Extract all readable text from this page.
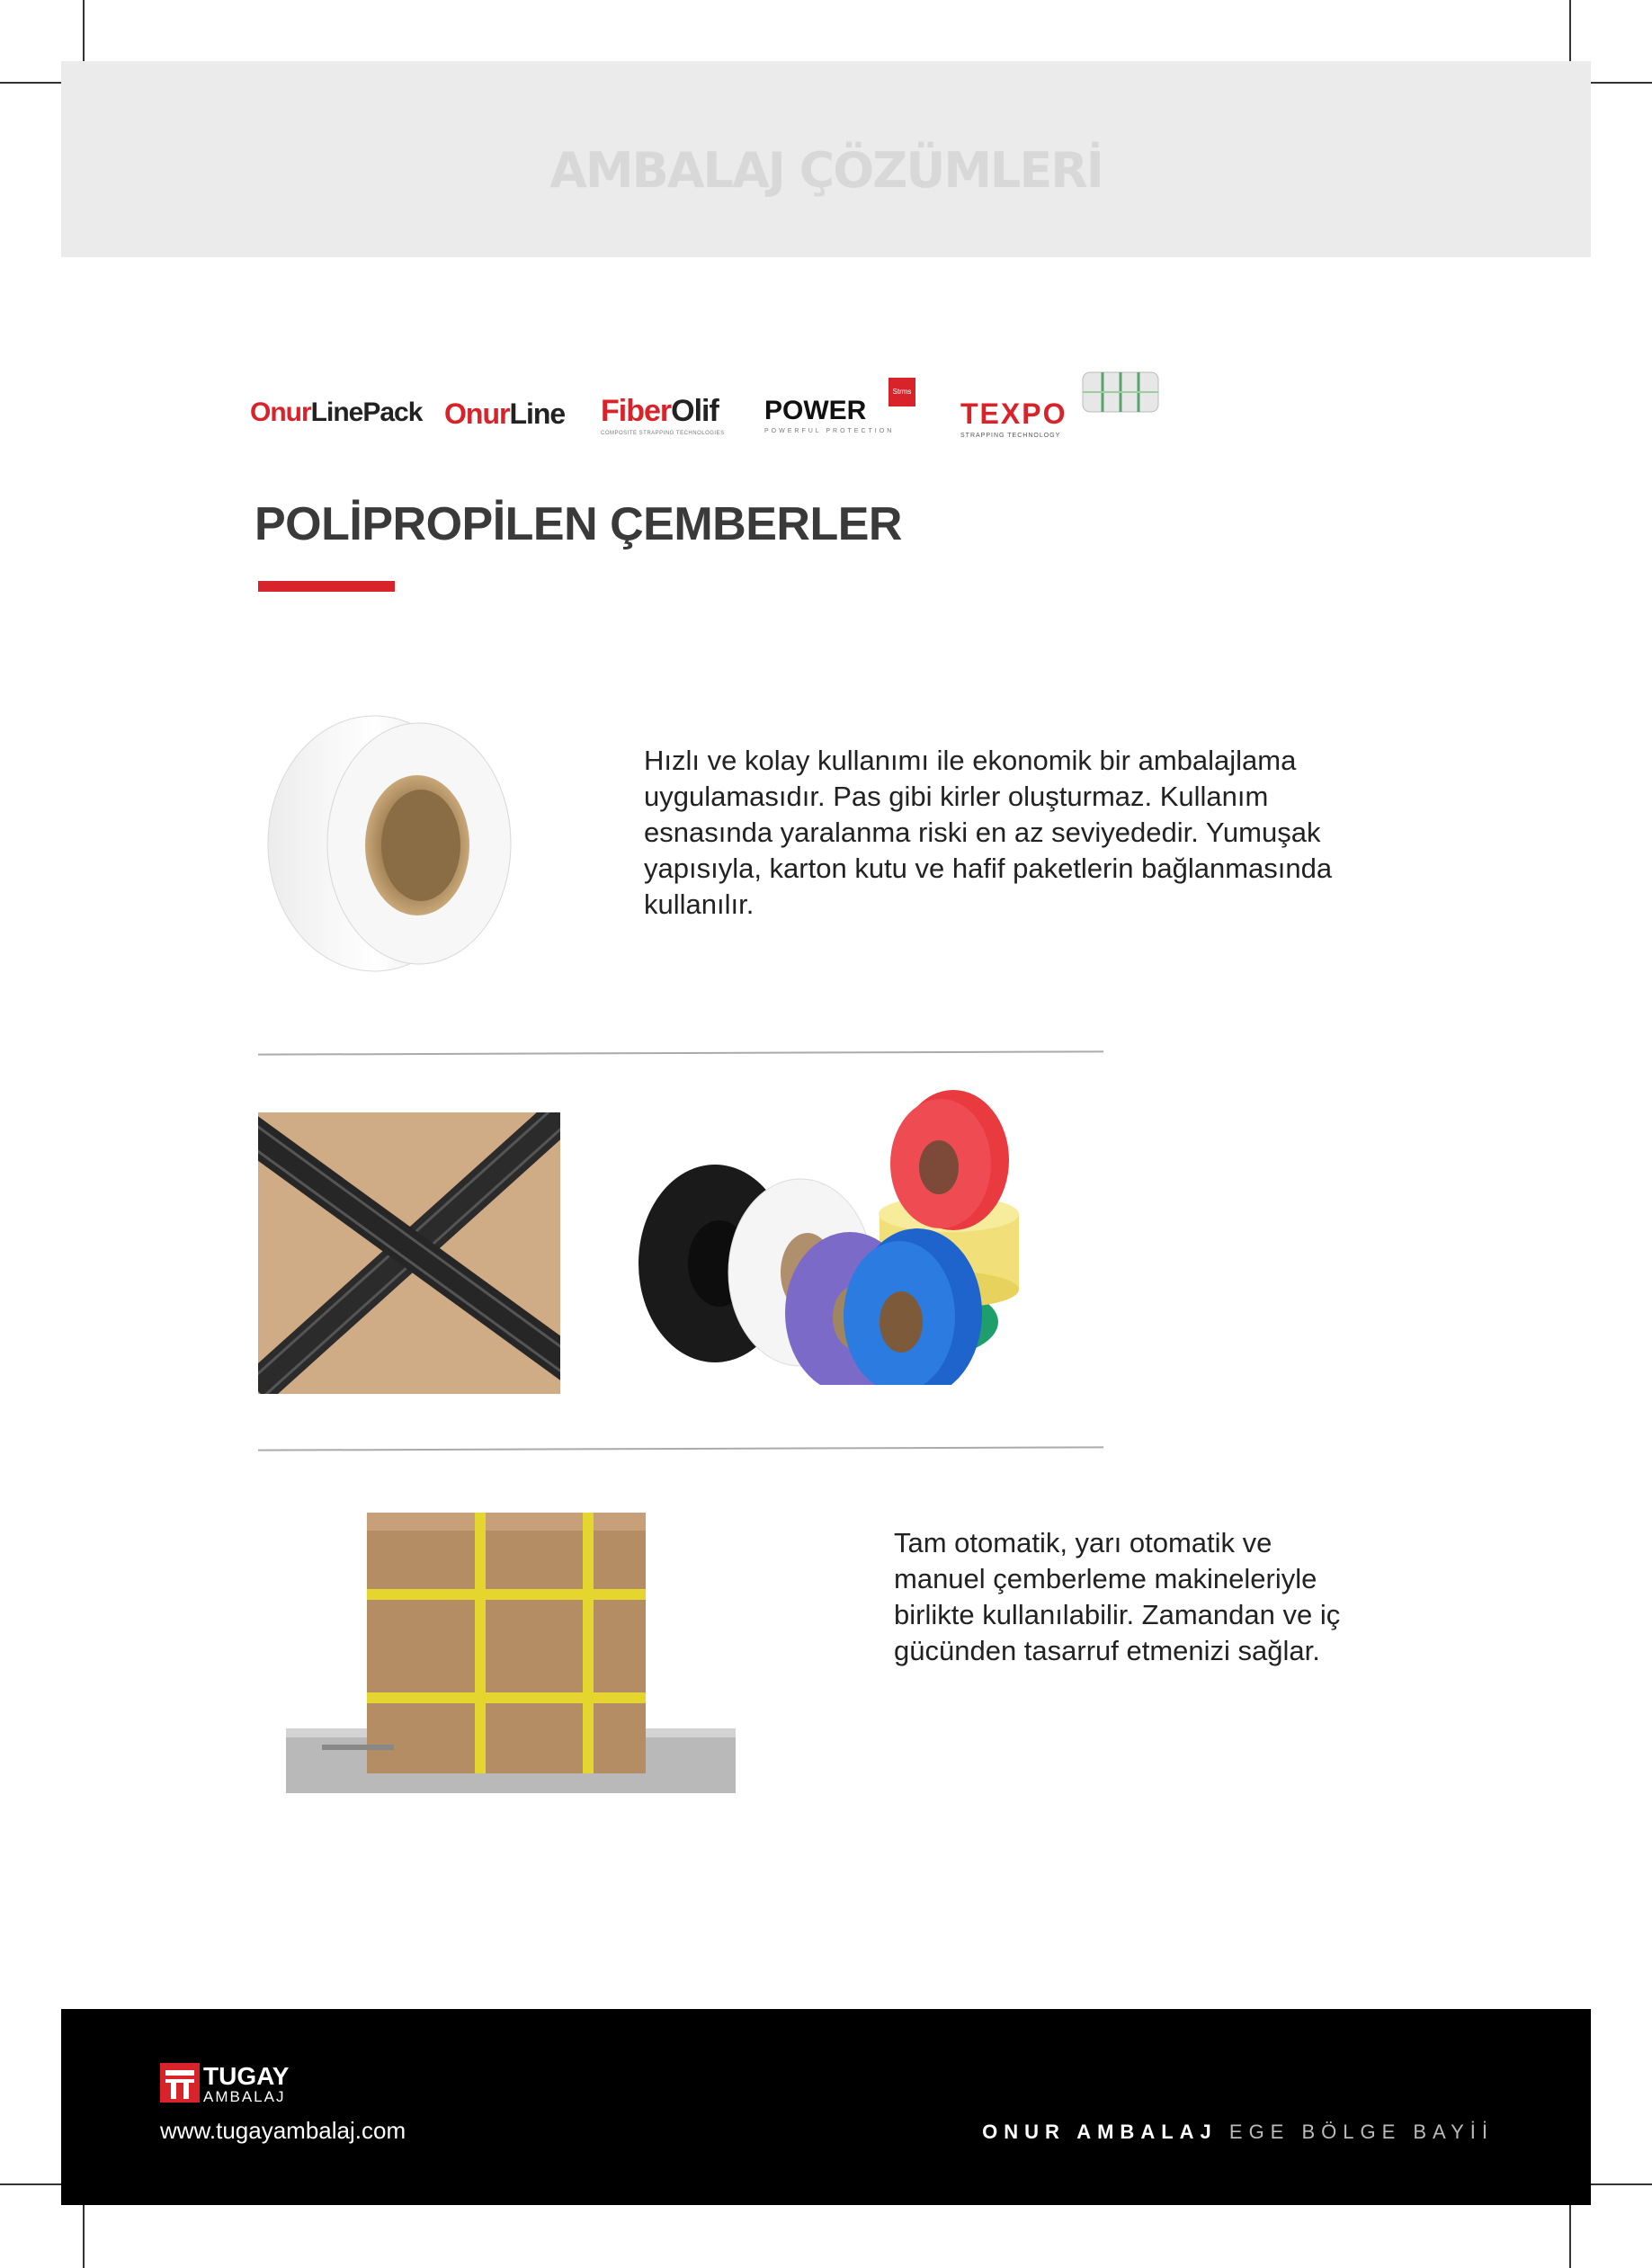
AMBALAJ ÇÖZÜMLERİ
OnurLinePack OnurLine FiberOlif
COMPOSITE STRAPPING TECHNOLOGIES
POWER
Strms
POWERFUL PROTECTION
TEXPO
STRAPPING TECHNOLOGY
POLİPROPİLEN ÇEMBERLER
Hızlı ve kolay kullanımı ile ekonomik bir ambalajlama uygulamasıdır. Pas gibi kirler oluşturmaz. Kullanım esnasında yaralanma riski en az seviyededir. Yumuşak yapısıyla, karton kutu ve hafif paketlerin bağlanmasında kullanılır.
Tam otomatik, yarı otomatik ve manuel çemberleme makineleriyle birlikte kullanılabilir. Zamandan ve iç gücünden tasarruf etmenizi sağlar.
TUGAY
AMBALAJ
www.tugayambalaj.com	ONUR AMBALAJ EGE BÖLGE BAYİİ
